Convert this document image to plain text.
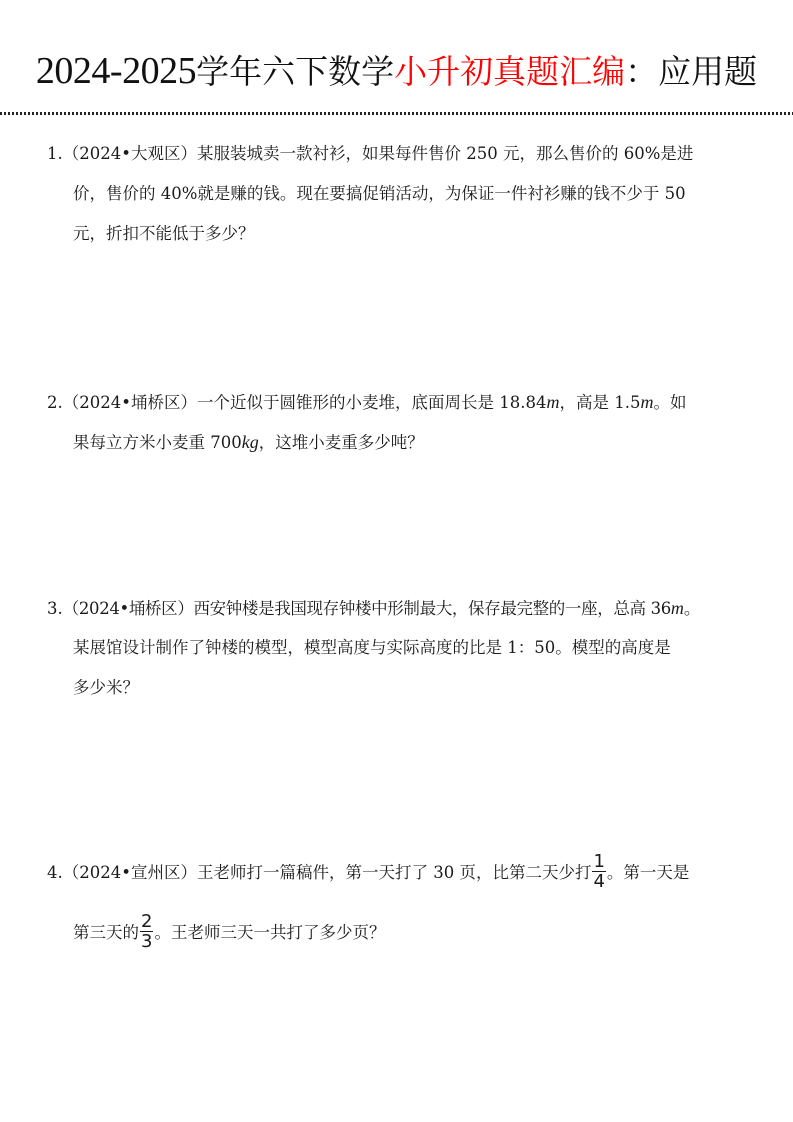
2024-2025学年六下数学小升初真题汇编：应用题
1.（2024•大观区）某服装城卖一款衬衫，如果每件售价 250 元，那么售价的 60%是进
价，售价的 40%就是赚的钱。现在要搞促销活动，为保证一件衬衫赚的钱不少于 50
元，折扣不能低于多少？
2.（2024•埇桥区）一个近似于圆锥形的小麦堆，底面周长是 18.84m，高是 1.5m。如
果每立方米小麦重 700kg，这堆小麦重多少吨？
3.（2024•埇桥区）西安钟楼是我国现存钟楼中形制最大，保存最完整的一座，总高 36m。
某展馆设计制作了钟楼的模型，模型高度与实际高度的比是 1：50。模型的高度是
多少米？
4.（2024•宣州区）王老师打一篇稿件，第一天打了 30 页，比第二天少打 $\frac{1}{4}$ 。第一天是
第三天的 $\frac{2}{3}$ 。王老师三天一共打了多少页？
